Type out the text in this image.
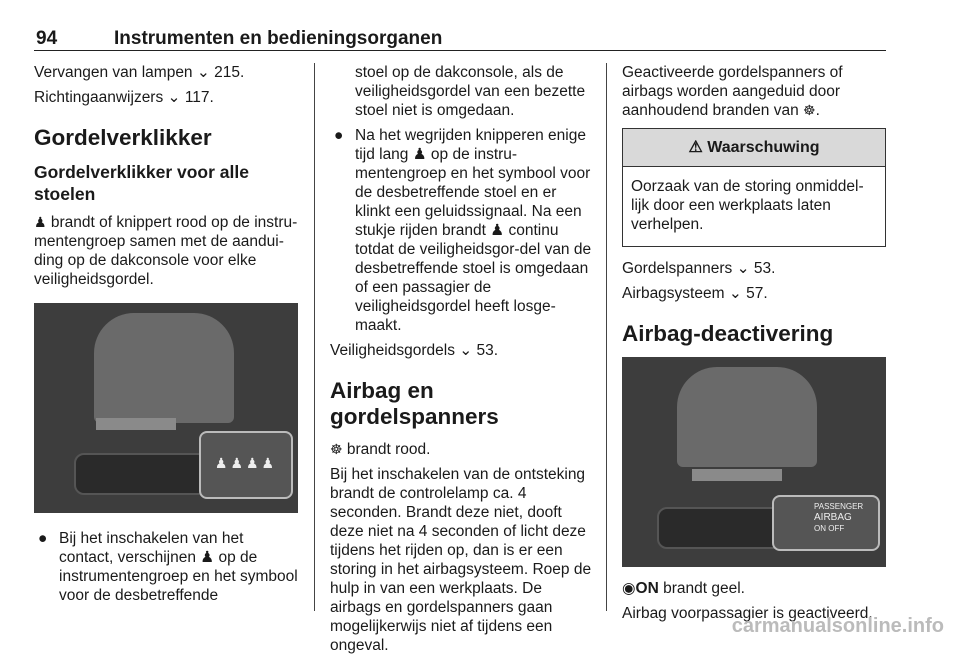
94	Instrumenten en bedieningsorganen

Vervangen van lampen ⌄ 215.

Richtingaanwijzers ⌄ 117.

Gordelverklikker
Gordelverklikker voor alle stoelen

♟ brandt of knippert rood op de instru-mentengroep samen met de aandui-ding op de dakconsole voor elke veiligheidsgordel.

♟♟♟♟
● Bij het inschakelen van het contact, verschijnen ♟ op de instrumentengroep en het symbool voor de desbetreffende

stoel op de dakconsole, als de veiligheidsgordel van een bezette stoel niet is omgedaan.

● Na het wegrijden knipperen enige tijd lang ♟ op de instru-mentengroep en het symbool voor de desbetreffende stoel en er klinkt een geluidssignaal. Na een stukje rijden brandt ♟ continu totdat de veiligheidsgor-del van de desbetreffende stoel is omgedaan of een passagier de veiligheidsgordel heeft losge-maakt.

Veiligheidsgordels ⌄ 53.

Airbag en gordelspanners

☸ brandt rood.

Bij het inschakelen van de ontsteking brandt de controlelamp ca. 4 seconden. Brandt deze niet, dooft deze niet na 4 seconden of licht deze tijdens het rijden op, dan is er een storing in het airbagsysteem. Roep de hulp in van een werkplaats. De airbags en gordelspanners gaan mogelijkerwijs niet af tijdens een ongeval.

Geactiveerde gordelspanners of airbags worden aangeduid door aanhoudend branden van ☸.

⚠ Waarschuwing
Oorzaak van de storing onmiddel-lijk door een werkplaats laten verhelpen.

Gordelspanners ⌄ 53.

Airbagsysteem ⌄ 57.

Airbag-deactivering
PASSENGER
AIRBAG
ON OFF

◉ON brandt geel.

Airbag voorpassagier is geactiveerd.

carmanualsonline.info
